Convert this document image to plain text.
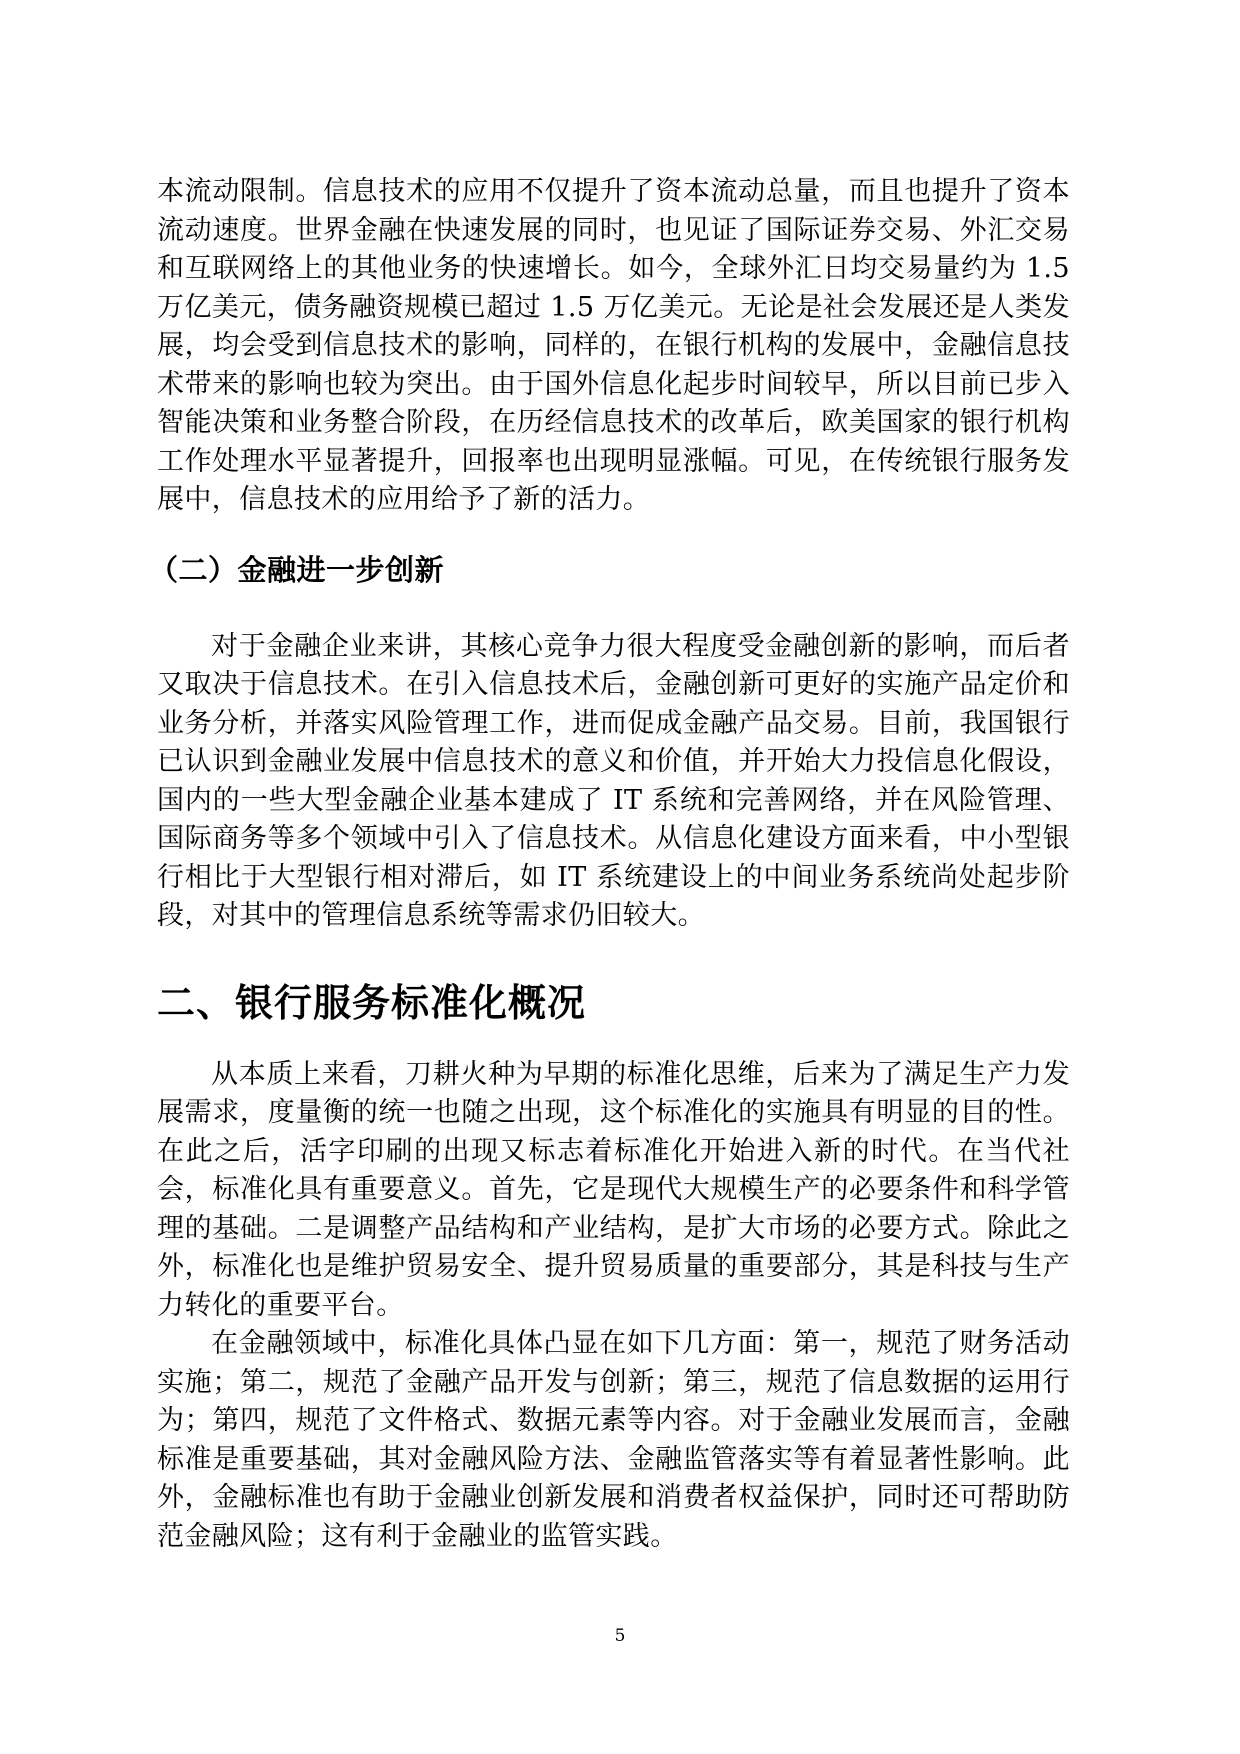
本流动限制。信息技术的应用不仅提升了资本流动总量，而且也提升了资本流动速度。世界金融在快速发展的同时，也见证了国际证券交易、外汇交易和互联网络上的其他业务的快速增长。如今，全球外汇日均交易量约为 1.5 万亿美元，债务融资规模已超过 1.5 万亿美元。无论是社会发展还是人类发展，均会受到信息技术的影响，同样的，在银行机构的发展中，金融信息技术带来的影响也较为突出。由于国外信息化起步时间较早，所以目前已步入智能决策和业务整合阶段，在历经信息技术的改革后，欧美国家的银行机构工作处理水平显著提升，回报率也出现明显涨幅。可见，在传统银行服务发展中，信息技术的应用给予了新的活力。

（二）金融进一步创新

对于金融企业来讲，其核心竞争力很大程度受金融创新的影响，而后者又取决于信息技术。在引入信息技术后，金融创新可更好的实施产品定价和业务分析，并落实风险管理工作，进而促成金融产品交易。目前，我国银行已认识到金融业发展中信息技术的意义和价值，并开始大力投信息化假设，国内的一些大型金融企业基本建成了 IT 系统和完善网络，并在风险管理、国际商务等多个领域中引入了信息技术。从信息化建设方面来看，中小型银行相比于大型银行相对滞后，如 IT 系统建设上的中间业务系统尚处起步阶段，对其中的管理信息系统等需求仍旧较大。

二、银行服务标准化概况

从本质上来看，刀耕火种为早期的标准化思维，后来为了满足生产力发展需求，度量衡的统一也随之出现，这个标准化的实施具有明显的目的性。在此之后，活字印刷的出现又标志着标准化开始进入新的时代。在当代社会，标准化具有重要意义。首先，它是现代大规模生产的必要条件和科学管理的基础。二是调整产品结构和产业结构，是扩大市场的必要方式。除此之外，标准化也是维护贸易安全、提升贸易质量的重要部分，其是科技与生产力转化的重要平台。

在金融领域中，标准化具体凸显在如下几方面：第一，规范了财务活动实施；第二，规范了金融产品开发与创新；第三，规范了信息数据的运用行为；第四，规范了文件格式、数据元素等内容。对于金融业发展而言，金融标准是重要基础，其对金融风险方法、金融监管落实等有着显著性影响。此外，金融标准也有助于金融业创新发展和消费者权益保护，同时还可帮助防范金融风险；这有利于金融业的监管实践。

5
